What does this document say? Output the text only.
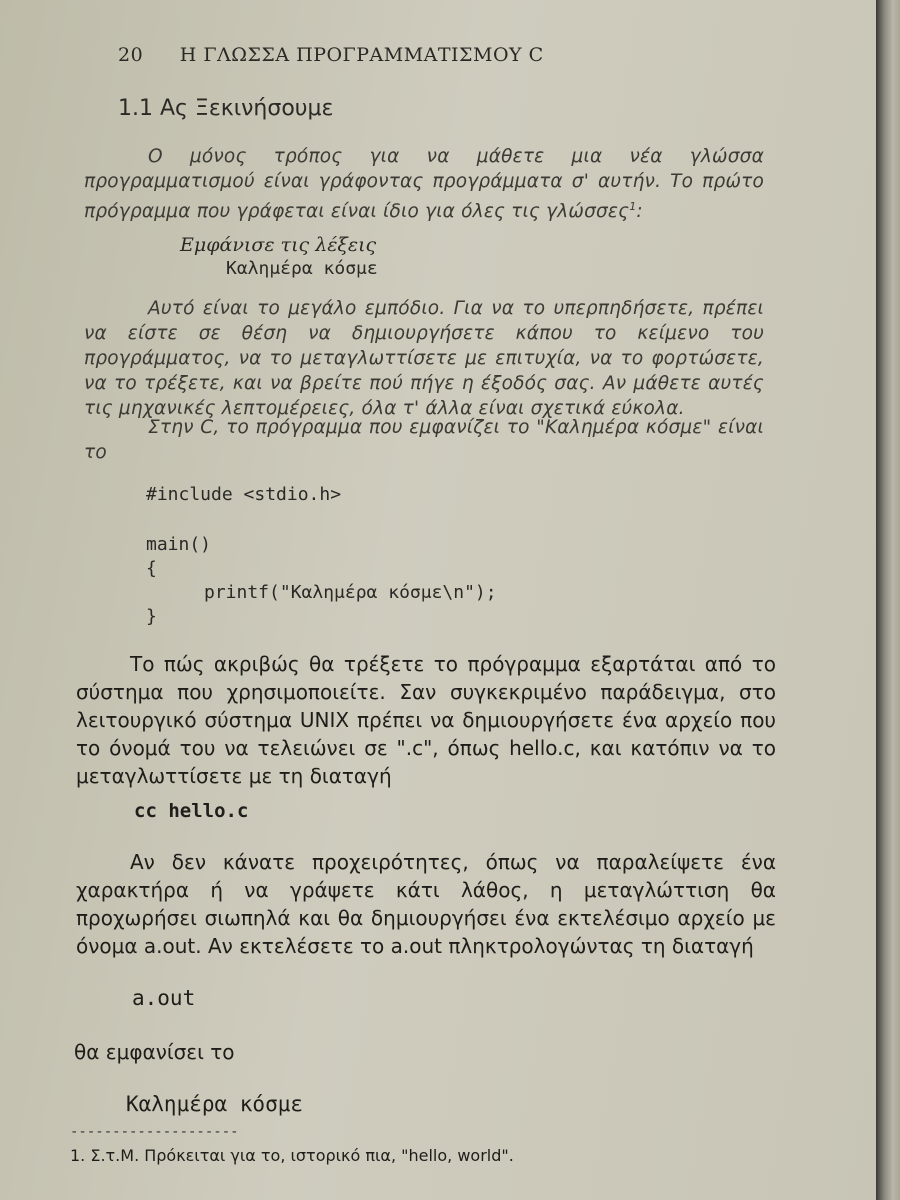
20 Η ΓΛΩΣΣΑ ΠΡΟΓΡΑΜΜΑΤΙΣΜΟΥ C
1.1 Ας Ξεκινήσουμε
Ο μόνος τρόπος για να μάθετε μια νέα γλώσσα προγραμματισμού είναι γράφοντας προγράμματα σ' αυτήν. Το πρώτο πρόγραμμα που γράφεται είναι ίδιο για όλες τις γλώσσες$^1$:
Εμφάνισε τις λέξεις
Καλημέρα κόσμε
Αυτό είναι το μεγάλο εμπόδιο. Για να το υπερπηδήσετε, πρέπει να είστε σε θέση να δημιουργήσετε κάπου το κείμενο του προγράμματος, να το μεταγλωττίσετε με επιτυχία, να το φορτώσετε, να το τρέξετε, και να βρείτε πού πήγε η έξοδός σας. Αν μάθετε αυτές τις μηχανικές λεπτομέρειες, όλα τ' άλλα είναι σχετικά εύκολα.
Στην C, το πρόγραμμα που εμφανίζει το "Καλημέρα κόσμε" είναι το
#include <stdio.h>
main()
{
printf("Καλημέρα κόσμε\n");
}
Το πώς ακριβώς θα τρέξετε το πρόγραμμα εξαρτάται από το σύστημα που χρησιμοποιείτε. Σαν συγκεκριμένο παράδειγμα, στο λειτουργικό σύστημα UNIX πρέπει να δημιουργήσετε ένα αρχείο που το όνομά του να τελειώνει σε ".c", όπως hello.c, και κατόπιν να το μεταγλωττίσετε με τη διαταγή
cc hello.c
Αν δεν κάνατε προχειρότητες, όπως να παραλείψετε ένα χαρακτήρα ή να γράψετε κάτι λάθος, η μεταγλώττιση θα προχωρήσει σιωπηλά και θα δημιουργήσει ένα εκτελέσιμο αρχείο με όνομα a.out. Αν εκτελέσετε το a.out πληκτρολογώντας τη διαταγή
a.out
θα εμφανίσει το
Καλημέρα κόσμε
--------------------
1. Σ.τ.Μ. Πρόκειται για το, ιστορικό πια, "hello, world".
